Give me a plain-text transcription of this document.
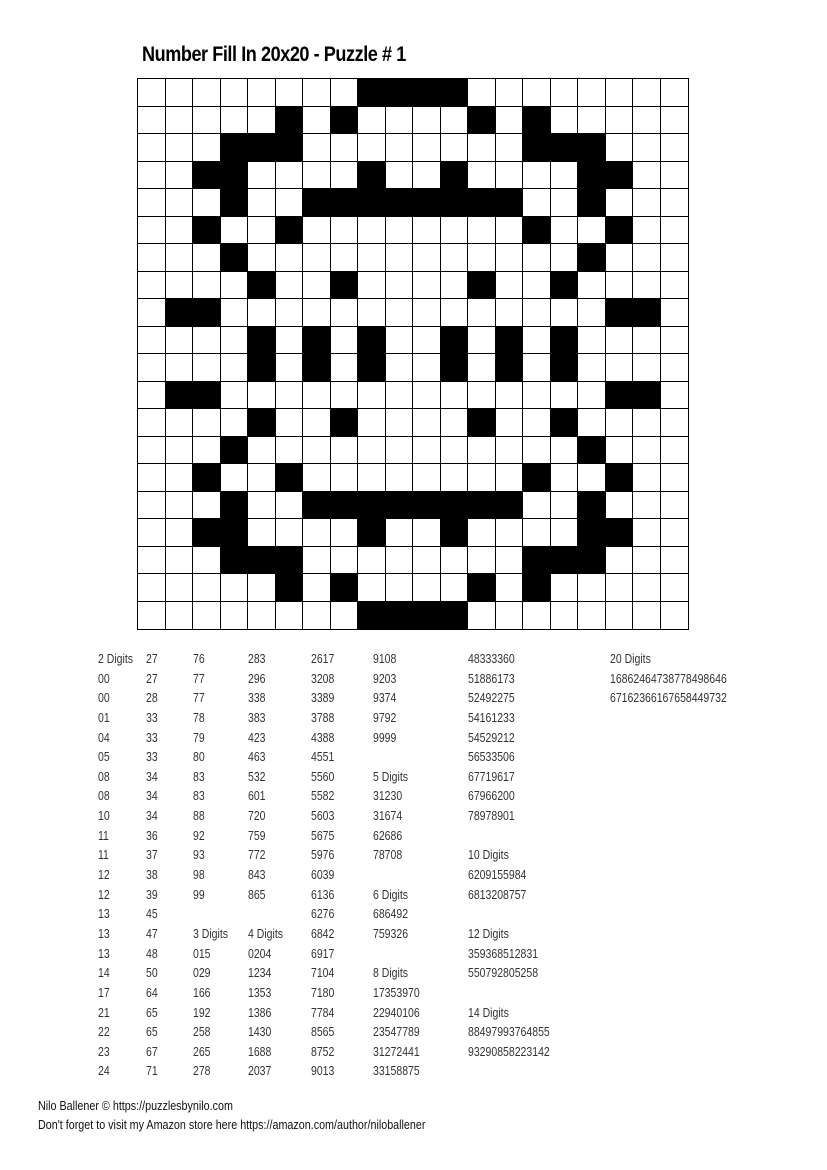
Number Fill In 20x20 - Puzzle # 1
2 Digits
00
00
01
04
05
08
08
10
11
11
12
12
13
13
13
14
17
21
22
23
24
27
27
28
33
33
33
34
34
34
36
37
38
39
45
47
48
50
64
65
65
67
71
76
77
77
78
79
80
83
83
88
92
93
98
99

3 Digits
015
029
166
192
258
265
278
283
296
338
383
423
463
532
601
720
759
772
843
865

4 Digits
0204
1234
1353
1386
1430
1688
2037
2617
3208
3389
3788
4388
4551
5560
5582
5603
5675
5976
6039
6136
6276
6842
6917
7104
7180
7784
8565
8752
9013
9108
9203
9374
9792
9999

5 Digits
31230
31674
62686
78708

6 Digits
686492
759326

8 Digits
17353970
22940106
23547789
31272441
33158875
48333360
51886173
52492275
54161233
54529212
56533506
67719617
67966200
78978901

10 Digits
6209155984
6813208757

12 Digits
359368512831
550792805258

14 Digits
88497993764855
93290858223142

20 Digits
16862464738778498646
67162366167658449732
Nilo Ballener © https://puzzlesbynilo.com
Don't forget to visit my Amazon store here https://amazon.com/author/niloballener
